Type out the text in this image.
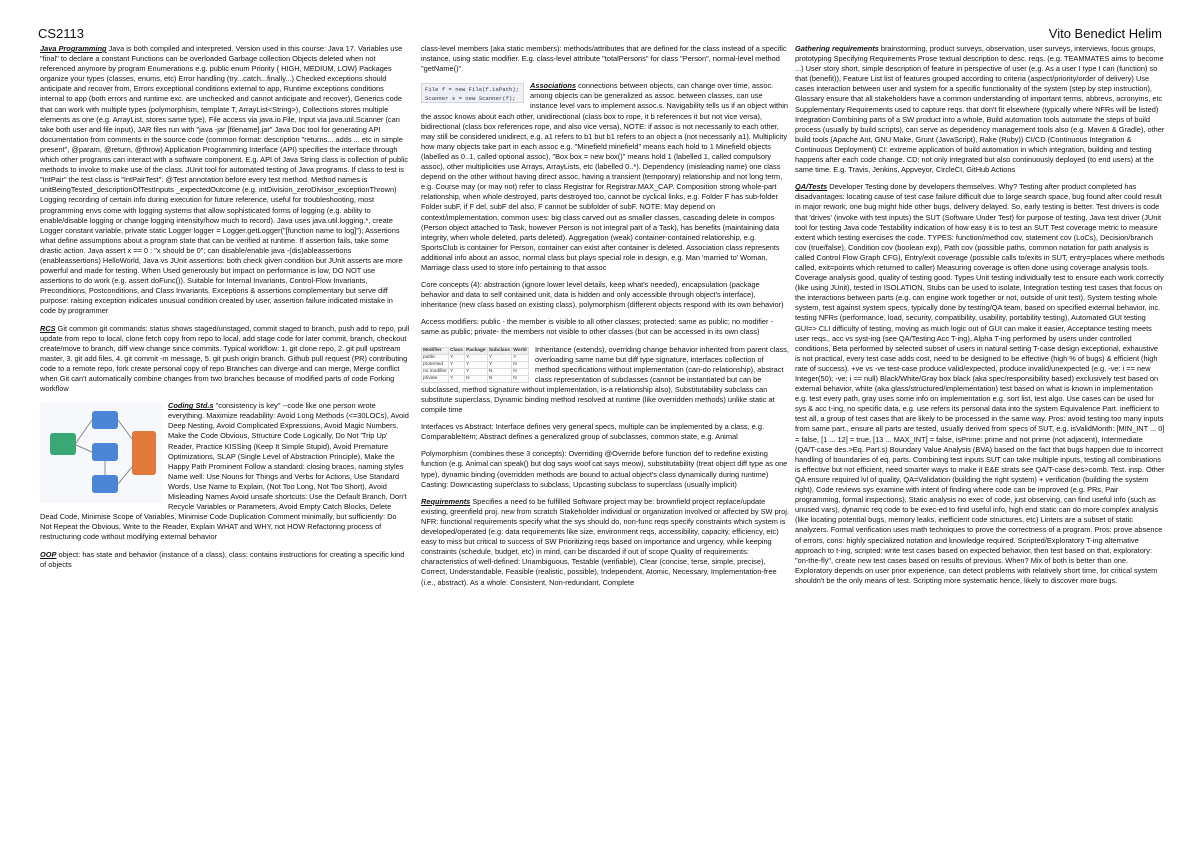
CS2113	Vito Benedict Helim

Java Programming Java is both compiled and interpreted. Version used in this course: Java 17. Variables use "final" to declare a constant Functions can be overloaded Garbage collection Objects deleted when not referenced anymore by program Enumerations e.g. public enum Priority { HIGH, MEDIUM, LOW} Packages organize your types (classes, enums, etc) Error handling (try...catch...finally...) Checked exceptions should anticipate and recover from, Errors exceptional conditions external to app, Runtime exceptions conditions internal to app (both errors and runtime exc. are unchecked and cannot anticipate and recover), Generics code that can work with multiple types (polymorphism, template T, ArrayList<String>), Collections stores multiple elements as one (e.g. ArrayList, stores same type), File access via java.io.File, Input via java.util.Scanner (can take both user and file input), JAR files run with "java -jar [filename].jar" Java Doc tool for generating API documentation from comments in the source code (common format: description "returns... adds ... etc in simple present", @param, @return, @throw) Application Programming Interface (API) specifies the interface through which other programs can interact with a software component. E.g. API of Java String class is collection of public methods to invoke to make use of the class. JUnit tool for automated testing of Java programs. If class to test is "IntPair" the test class is "IntPairTest". @Test annotation before every test method. Method names is unitBeingTested_descriptionOfTestInputs _expectedOutcome (e.g. intDivision_zeroDivisor_exceptionThrown) Logging recording of certain info during execution for future reference, useful for troubleshooting, most programming envs come with logging systems that allow sophisticated forms of logging (e.g. ability to enable/disable logging or change logging intensity/how much to record). Java uses java.util.logging.*, create Logger constant variable, private static Logger logger = Logger.getLogger("[function name to log]"); Assertions what define assumptions about a program state that can be verified at runtime. If assertion fails, take some drastic action. Java assert x == 0 : "x should be 0"; can disable/enable java -(dis)ableassertions (enableassertions) HelloWorld, Java vs JUnit assertions: both check given condition but JUnit asserts are more powerful and made for testing. When Used generously but impact on performance is low, DO NOT use assertions to do work (e.g. assert doFunc()). Suitable for Internal Invariants, Control-Flow Invariants, Preconditions, Postconditions, and Class Invariants. Exceptions & assertions complementary but serve diff purpose: raising exception indicates unusual condition created by user, assertion failure indicated mistake in code by programmer

RCS Git common git commands: status shows staged/unstaged, commit staged to branch, push add to repo, pull update from repo to local, clone fetch copy from repo to local, add stage code for later commit, branch, checkout create/move to branch, diff view change since commits. Typical workflow: 1. git clone repo, 2. git pull upstream master, 3. git add files, 4. git commit -m message, 5. git push origin branch. Github pull request (PR) contributing code to a remote repo, fork create personal copy of repo Branches can diverge and can merge, Merge conflict when Git can't automatically combine changes from two branches because of modified parts of code Forking workflow

Coding Std.s "consistency is key" --code like one person wrote everything. Maximize readability: Avoid Long Methods (<=30LOCs), Avoid Deep Nesting, Avoid Complicated Expressions, Avoid Magic Numbers, Make the Code Obvious, Structure Code Logically, Do Not 'Trip Up' Reader, Practice KISSing (Keep It Simple Stupid), Avoid Premature Optimizations, SLAP (Single Level of Abstraction Principle), Make the Happy Path Prominent Follow a standard: closing braces, naming styles Name well: Use Nouns for Things and Verbs for Actions, Use Standard Words, Use Name to Explain, (Not Too Long, Not Too Short), Avoid Misleading Names Avoid unsafe shortcuts: Use the Default Branch, Don't Recycle Variables or Parameters, Avoid Empty Catch Blocks, Delete Dead Code, Minimise Scope of Variables, Minimise Code Duplication Comment minimally, but sufficiently: Do Not Repeat the Obvious, Write to the Reader, Explain WHAT and WHY, not HOW Refactoring process of restructuring code without modifying external behavior

OOP object: has state and behavior (instance of a class), class: contains instructions for creating a specific kind of objects

class-level members (aka static members): methods/attributes that are defined for the class instead of a specific instance, using static modifier. E.g. class-level attribute "totalPersons" for class "Person", normal-level method "getName()".

File f = new File(f.isPath);
Scanner s = new Scanner(f);
Associations connections between objects, can change over time, assoc. among objects can be generalized as assoc. between classes, can use instance level vars to implement assoc.s. Navigability tells us if an object within the assoc knows about each other, unidirectional (class box to rope, it b references it but not vice versa), bidirectional (class box references rope, and also vice versa), NOTE: if assoc is not necessarily to each other, may still be considered unidirect, e.g. a1 refers to b1 but b1 refers to an object a (not necessarily a1). Multiplicity how many objects take part in each assoc e.g. "Minefield minefield" means each hold to 1 Minefield objects (labelled as 0..1, called optional assoc), "Box box = new box()" means hold 1 (labelled 1, called compulsory assoc), other multiplicities use Arrays, ArrayLists, etc (labelled 0..*). Dependency (misleading name) one class depend on the other without having direct assoc, having a transient (temporary) relationship and not long term, e.g. Course may (or may not) refer to class Registrar for Registrar.MAX_CAP. Composition strong whole-part relationship, when whole destroyed, parts destroyed too, cannot be cyclical links, e.g. Folder F has sub-folder Folder subF, if F del, subF del also, F cannot be subfolder of subF. NOTE: May depend on context/implementation, common uses: big class carved out as smaller classes, cascading delete in compos (Person object attached to Task, however Person is not integral part of a Task), has benefits (maintaining data integrity, when whole deleted, parts deleted). Aggregation (weak) container-contained relationship, e.g. SportsClub is container for Person, container can exist after container is deleted. Association class represents additional info about an assoc, normal class but plays special role in design, e.g. Man 'married to' Woman, Marriage class used to store info pertaining to that assoc

Core concepts (4): abstraction (ignore lower level details, keep what's needed), encapsulation (package behavior and data to self contained unit, data is hidden and only accessible through object's interface), inheritance (new class based on existing class), polymorphism (different objects respond with its own behavior)

Access modifiers: public - the member is visible to all other classes; protected: same as public; no modifier - same as public; private- the members not visible to other classes (but can be accessed in its own class)

Modifier	Class	Package	Subclass	World
public	Y	Y	Y	Y
protected	Y	Y	Y	N
no modifier	Y	Y	N	N
private	Y	N	N	N
Inheritance (extends), overriding change behavior inherited from parent class, overloading same name but diff type signature, interfaces collection of method specifications without implementation (can-do relationship), abstract class representation of subclasses (cannot be instantiated but can be subclassed, method signature without implementation, is-a relationship also), Substitutability subclass can substitute superclass, Dynamic binding method resolved at runtime (like overridden methods) unlike static at compile time

Interfaces vs Abstract: Interface defines very general specs, multiple can be implemented by a class, e.g. ComparableItem; Abstract defines a generalized group of subclasses, common state, e.g. Animal

Polymorphism (combines these 3 concepts): Overriding @Override before function def to redefine existing function (e.g. Animal can speak() but dog says woof cat says meow), substitutability (treat object diff type as one type), dynamic binding (overridden methods are bound to actual object's class dynamically during runtime) Casting: Downcasting superclass to subclass, Upcasting subclass to superclass (usually implicit)

Requirements Specifies a need to be fulfilled Software project may be: brownfield project replace/update existing, greenfield proj. new from scratch Stakeholder individual or organization involved or affected by SW proj. NFR: functional requirements specify what the sys should do, non-func reqs specify constraints which system is developed/operated (e.g. data requirements like size, environment reqs, accessibility, capacity, efficiency, etc) easy to miss but critical to success of SW Prioritizing reqs based on importance and urgency, while keeping constraints (schedule, budget, etc) in mind, can be discarded if out of scope Quality of requirements: characteristics of well-defined: Unambiguous, Testable (verifiable), Clear (concise, terse, simple, precise), Correct, Understandable, Feasible (realistic, possible), Independent, Atomic, Necessary, Implementation-free (i.e., abstract). As a whole: Consistent, Non-redundant, Complete

Gathering requirements brainstorming, product surveys, observation, user surveys, interviews, focus groups, prototyping Specifying Requirements Prose textual description to desc. reqs. (e.g. TEAMMATES aims to become ...) User story short, simple description of feature in perspective of user (e.g. As a user I type I can (function) so that (benefit)), Feature List list of features grouped according to criteria (aspect/priority/order of delivery) Use cases interaction between user and system for a specific functionality of the system (step by step instruction), Glossary ensure that all stakeholders have a common understanding of important terms, abbrevs, acronyms, etc Supplementary Requirements used to capture reqs. that don't fit elsewhere (typically where NFRs will be listed) Integration Combining parts of a SW product into a whole, Build automation tools automate the steps of build process (usually by build scripts), can serve as dependency management tools also (e.g. Maven & Gradle), other build tools (Apache Ant, GNU Make, Grunt (JavaScript), Rake (Ruby)) CI/CD (Continuous Integration & Continuous Deployment) CI: extreme application of build automation in which integration, building and testing happens after each code change. CD: not only integrated but also continuously deployed (to end users) at the same time. E.g. Travis, Jenkins, Appveyor, CircleCI, GitHub Actions

QA/Tests Developer Testing done by developers themselves. Why? Testing after product completed has disadvantages: locating cause of test case failure difficult due to large search space, bug found after could result in major rework, one bug might hide other bugs, delivery delayed. So, early testing is better. Test drivers is code that 'drives' (invoke with test inputs) the SUT (Software Under Test) for purpose of testing, Java test driver (JUnit tool for testing Java code Testability indication of how easy it is to test an SUT Test coverage metric to measure extent which testing exercises the code. TYPES: function/method cov, statement cov (LoCs), Decision/branch cov (true/false), Condition cov (boolean exp), Path cov (possible paths, common notation for path analysis is called Control Flow Graph CFG), Entry/exit coverage (possible calls to/exits in SUT, entry=places where methods called, exit=points which returned to caller) Measuring coverage is often done using coverage analysis tools. Coverage analysis good, quality of testing good. Types Unit testing individually test to ensure each work correctly (like using JUnit), tested in ISOLATION, Stubs can be used to isolate, Integration testing test cases that focus on the interactions between parts (e.g. can engine work together or not, outside of unit test), System testing whole system, test against system specs, typically done by testing/QA team, based on specified external behavior, inc. testing NFRs (performance, load, security, compatibility, usability, portability testing), Automated GUI testing GUI=> CLI difficulty of testing, moving as much logic out of GUI can make it easier, Acceptance testing meets user reqs., acc vs syst-ing (see QA/Testing Acc T-ing), Alpha T-ing performed by users under controlled conditions, Beta performed by selected subset of users in natural setting T-case design exceptional, exhaustive is not practical, every test case adds cost, need to be designed to be effective (high % of bugs) & efficient (high rate of success). +ve vs -ve test-case produce valid/expected, produce invalid/unexpected (e.g. -ve: i == new Integer(50); -ve: i == null) Black/White/Gray box black (aka spec/responsibility based) exclusively test based on external behavior, white (aka glass/structured/implementation) test based on what is known in implementation e.g. test every path, gray uses some info on implementation e.g. sort list, test algo. Use cases can be used for sys & acc t-ing, no specific data, e.g. use refers its personal data into the system Equivalence Part. inefficient to test all, a group of test cases that are likely to be processed in the same way. Pros: avoid testing too many inputs from same part., ensure all parts are tested, usually derived from specs of SUT, e.g. isValidMonth: [MIN_INT ... 0] = false, [1 ... 12] = true, [13 ... MAX_INT] = false, isPrime: prime and not prime (not adjacent), Intermediate (QA/T-case des.>Eq. Part.s) Boundary Value Analysis (BVA) based on the fact that bugs happen due to incorrect handling of boundaries of eq. parts. Combining test inputs SUT can take multiple inputs, testing all combinations is effective but not efficient, need smarter ways to make it E&E strats see QA/T-case des>comb. Test. insp. Other QA ensure required lvl of quality, QA=Validation (building the right system) + verification (building the system right), Code reviews sys examine with intent of finding where code can be improved (e.g. PRs, Pair programming, formal inspections), Static analysis no exec of code, just observing, can find useful info (such as unused vars), dynamic req code to be exec-ed to find useful info, high end static can do more complex analysis (like locating potential bugs, memory leaks, inefficient code structures, etc) Linters are a subset of static analyzers. Formal verification uses math techniques to prove the correctness of a program. Pros: prove absence of errors, cons: highly specialized notation and knowledge required. Scripted/Exploratory T-ing alternative approach to t-ing, scripted: write test cases based on expected behavior, then test based on that, exploratory: "on-the-fly", create new test cases based on results of previous. When? Mix of both is better than one. Exploratory depends on user prior experience, can detect problems with relatively short time, for critical system shouldn't be the only means of test. Scripting more systematic hence, likely to discover more bugs.
